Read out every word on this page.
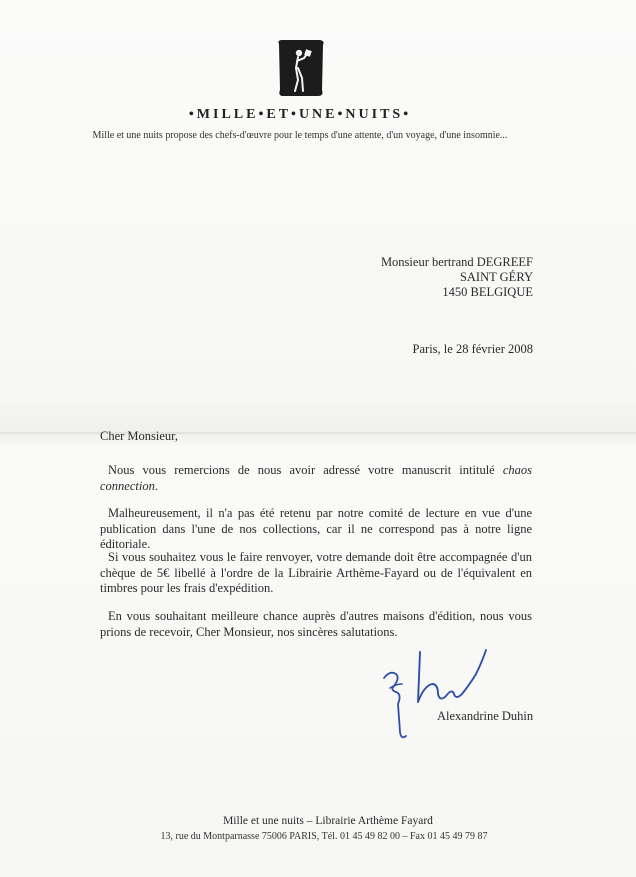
•MILLE•ET•UNE•NUITS•
Mille et une nuits propose des chefs-d'œuvre pour le temps d'une attente, d'un voyage, d'une insomnie...
Monsieur bertrand DEGREEF
SAINT GÉRY
1450 BELGIQUE
Paris, le 28 février 2008
Cher Monsieur,

Nous vous remercions de nous avoir adressé votre manuscrit intitulé chaos connection.

Malheureusement, il n'a pas été retenu par notre comité de lecture en vue d'une publication dans l'une de nos collections, car il ne correspond pas à notre ligne éditoriale.

Si vous souhaitez vous le faire renvoyer, votre demande doit être accompagnée d'un chèque de 5€ libellé à l'ordre de la Librairie Arthème-Fayard ou de l'équivalent en timbres pour les frais d'expédition.

En vous souhaitant meilleure chance auprès d'autres maisons d'édition, nous vous prions de recevoir, Cher Monsieur, nos sincères salutations.

Alexandrine Duhin
Mille et une nuits – Librairie Arthème Fayard
13, rue du Montparnasse 75006 PARIS, Tél. 01 45 49 82 00 – Fax 01 45 49 79 87
